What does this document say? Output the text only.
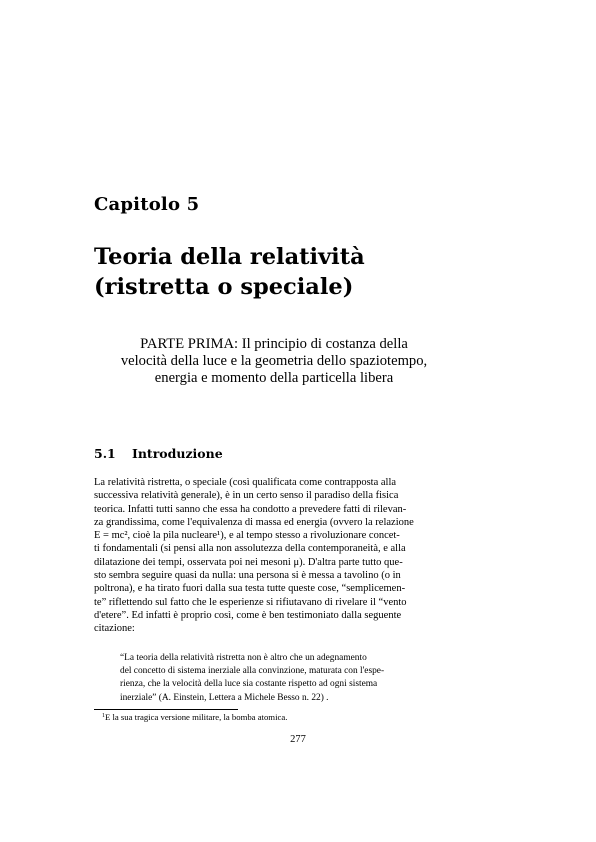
Capitolo 5
Teoria della relatività
(ristretta o speciale)
PARTE PRIMA: Il principio di costanza della
velocità della luce e la geometria dello spaziotempo,
energia e momento della particella libera
5.1 Introduzione
La relatività ristretta, o speciale (così qualificata come contrapposta alla
successiva relatività generale), è in un certo senso il paradiso della fisica
teorica. Infatti tutti sanno che essa ha condotto a prevedere fatti di rilevan-
za grandissima, come l'equivalenza di massa ed energia (ovvero la relazione
E = mc², cioè la pila nucleare¹), e al tempo stesso a rivoluzionare concet-
ti fondamentali (si pensi alla non assolutezza della contemporaneità, e alla
dilatazione dei tempi, osservata poi nei mesoni μ). D'altra parte tutto que-
sto sembra seguire quasi da nulla: una persona si è messa a tavolino (o in
poltrona), e ha tirato fuori dalla sua testa tutte queste cose, “semplicemen-
te” riflettendo sul fatto che le esperienze si rifiutavano di rivelare il “vento
d'etere”. Ed infatti è proprio così, come è ben testimoniato dalla seguente
citazione:
“La teoria della relatività ristretta non è altro che un adegnamento
del concetto di sistema inerziale alla convinzione, maturata con l'espe-
rienza, che la velocità della luce sia costante rispetto ad ogni sistema
inerziale” (A. Einstein, Lettera a Michele Besso n. 22) .
$^1$E la sua tragica versione militare, la bomba atomica.
277
